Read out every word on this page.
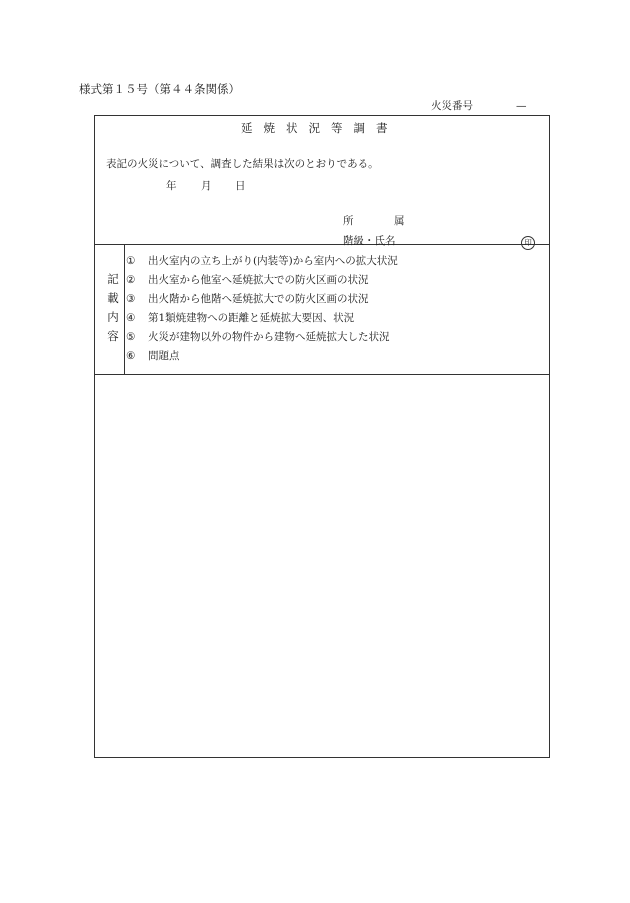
様式第１５号（第４４条関係）
火災番号	—
延 焼 状 況 等 調 書
表記の火災について、調査した結果は次のとおりである。
年 月 日
所	属
階級・氏名	印
記
載
内
容
① 出火室内の立ち上がり(内装等)から室内への拡大状況
② 出火室から他室へ延焼拡大での防火区画の状況
③ 出火階から他階へ延焼拡大での防火区画の状況
④ 第1類焼建物への距離と延焼拡大要因、状況
⑤ 火災が建物以外の物件から建物へ延焼拡大した状況
⑥ 問題点
